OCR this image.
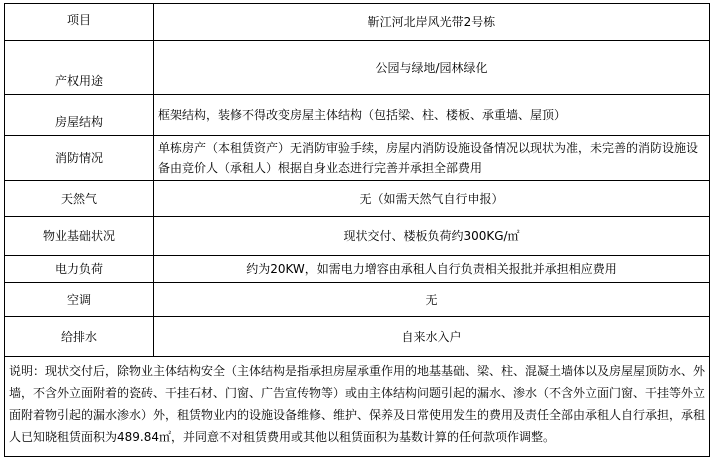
项目	靳江河北岸风光带2号栋
产权用途	公园与绿地/园林绿化
房屋结构	框架结构，装修不得改变房屋主体结构（包括梁、柱、楼板、承重墙、屋顶）
消防情况	单栋房产（本租赁资产）无消防审验手续，房屋内消防设施设备情况以现状为准，未完善的消防设施设备由竞价人（承租人）根据自身业态进行完善并承担全部费用
天然气	无（如需天然气自行申报）
物业基础状况	现状交付、楼板负荷约300KG/㎡
电力负荷	约为20KW，如需电力增容由承租人自行负责相关报批并承担相应费用
空调	无
给排水	自来水入户
说明：现状交付后，除物业主体结构安全（主体结构是指承担房屋承重作用的地基基础、梁、柱、混凝土墙体以及房屋屋顶防水、外墙，不含外立面附着的瓷砖、干挂石材、门窗、广告宣传物等）或由主体结构问题引起的漏水、渗水（不含外立面门窗、干挂等外立面附着物引起的漏水渗水）外，租赁物业内的设施设备维修、维护、保养及日常使用发生的费用及责任全部由承租人自行承担，承租人已知晓租赁面积为489.84㎡，并同意不对租赁费用或其他以租赁面积为基数计算的任何款项作调整。	
